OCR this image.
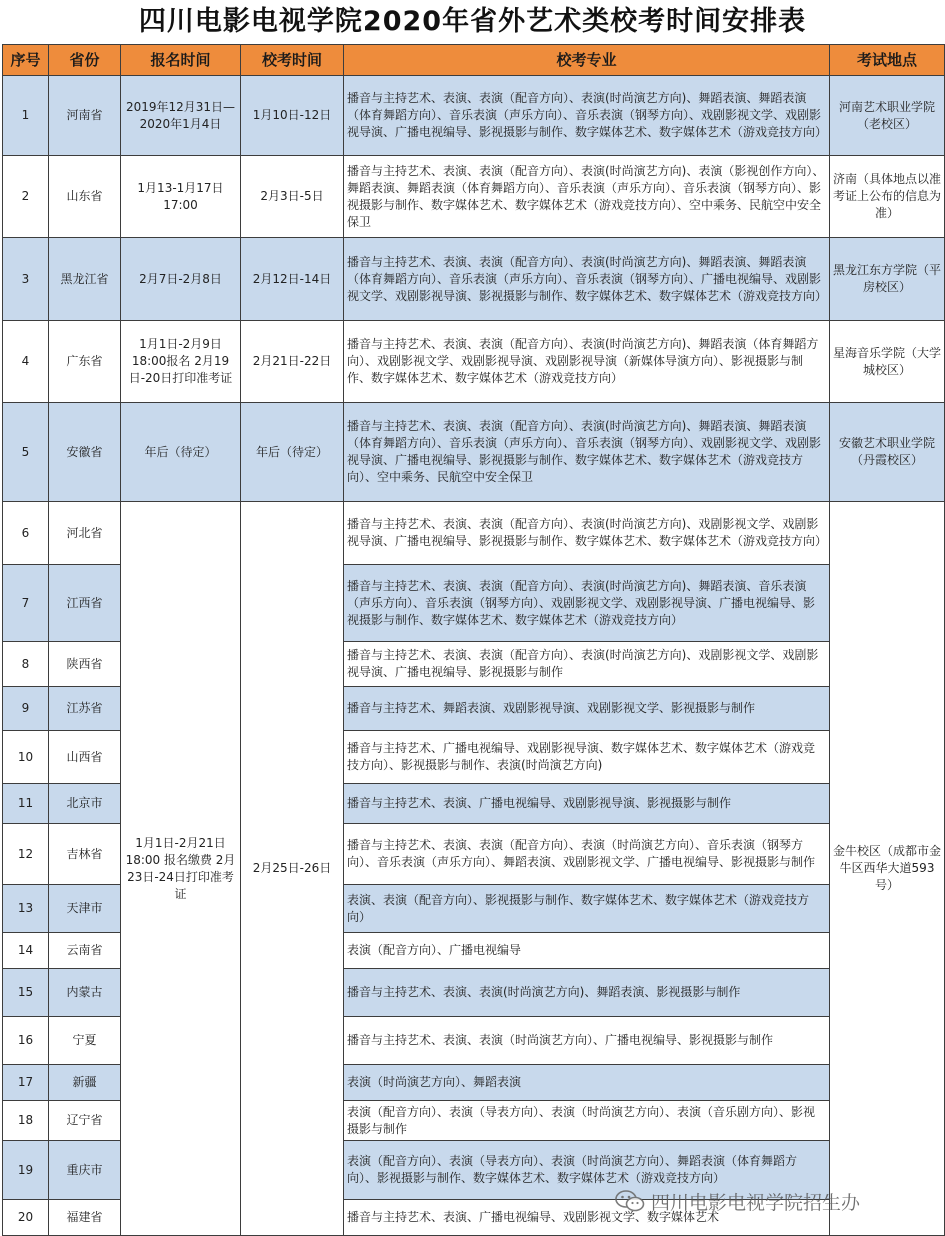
四川电影电视学院2020年省外艺术类校考时间安排表
序号	省份	报名时间	校考时间	校考专业	考试地点
1	河南省	2019年12月31日—2020年1月4日	1月10日-12日	播音与主持艺术、表演、表演（配音方向）、表演(时尚演艺方向)、舞蹈表演、舞蹈表演（体育舞蹈方向）、音乐表演（声乐方向）、音乐表演（钢琴方向）、戏剧影视文学、戏剧影视导演、广播电视编导、影视摄影与制作、数字媒体艺术、数字媒体艺术（游戏竞技方向）	河南艺术职业学院（老校区）
2	山东省	1月13-1月17日 17:00	2月3日-5日	播音与主持艺术、表演、表演（配音方向）、表演(时尚演艺方向)、表演（影视创作方向）、舞蹈表演、舞蹈表演（体育舞蹈方向）、音乐表演（声乐方向）、音乐表演（钢琴方向）、影视摄影与制作、数字媒体艺术、数字媒体艺术（游戏竞技方向）、空中乘务、民航空中安全保卫	济南（具体地点以准考证上公布的信息为准）
3	黑龙江省	2月7日-2月8日	2月12日-14日	播音与主持艺术、表演、表演（配音方向）、表演(时尚演艺方向)、舞蹈表演、舞蹈表演（体育舞蹈方向）、音乐表演（声乐方向）、音乐表演（钢琴方向）、广播电视编导、戏剧影视文学、戏剧影视导演、影视摄影与制作、数字媒体艺术、数字媒体艺术（游戏竞技方向）	黑龙江东方学院（平房校区）
4	广东省	1月1日-2月9日 18:00报名 2月19日-20日打印准考证	2月21日-22日	播音与主持艺术、表演、表演（配音方向）、表演(时尚演艺方向)、舞蹈表演（体育舞蹈方向）、戏剧影视文学、戏剧影视导演、戏剧影视导演（新媒体导演方向）、影视摄影与制作、数字媒体艺术、数字媒体艺术（游戏竞技方向）	星海音乐学院（大学城校区）
5	安徽省	年后（待定）	年后（待定）	播音与主持艺术、表演、表演（配音方向）、表演(时尚演艺方向)、舞蹈表演、舞蹈表演（体育舞蹈方向）、音乐表演（声乐方向）、音乐表演（钢琴方向）、戏剧影视文学、戏剧影视导演、广播电视编导、影视摄影与制作、数字媒体艺术、数字媒体艺术（游戏竞技方向）、空中乘务、民航空中安全保卫	安徽艺术职业学院（丹霞校区）
6	河北省	1月1日-2月21日 18:00 报名缴费 2月23日-24日打印准考证	2月25日-26日	播音与主持艺术、表演、表演（配音方向）、表演(时尚演艺方向)、戏剧影视文学、戏剧影视导演、广播电视编导、影视摄影与制作、数字媒体艺术、数字媒体艺术（游戏竞技方向）	金牛校区（成都市金牛区西华大道593号）
7	江西省			播音与主持艺术、表演、表演（配音方向）、表演(时尚演艺方向)、舞蹈表演、音乐表演（声乐方向）、音乐表演（钢琴方向）、戏剧影视文学、戏剧影视导演、广播电视编导、影视摄影与制作、数字媒体艺术、数字媒体艺术（游戏竞技方向）	
8	陕西省			播音与主持艺术、表演、表演（配音方向）、表演(时尚演艺方向)、戏剧影视文学、戏剧影视导演、广播电视编导、影视摄影与制作	
9	江苏省			播音与主持艺术、舞蹈表演、戏剧影视导演、戏剧影视文学、影视摄影与制作	
10	山西省			播音与主持艺术、广播电视编导、戏剧影视导演、数字媒体艺术、数字媒体艺术（游戏竞技方向）、影视摄影与制作、表演(时尚演艺方向)	
11	北京市			播音与主持艺术、表演、广播电视编导、戏剧影视导演、影视摄影与制作	
12	吉林省			播音与主持艺术、表演、表演（配音方向）、表演（时尚演艺方向）、音乐表演（钢琴方向）、音乐表演（声乐方向）、舞蹈表演、戏剧影视文学、广播电视编导、影视摄影与制作	
13	天津市			表演、表演（配音方向）、影视摄影与制作、数字媒体艺术、数字媒体艺术（游戏竞技方向）	
14	云南省			表演（配音方向）、广播电视编导	
15	内蒙古			播音与主持艺术、表演、表演(时尚演艺方向)、舞蹈表演、影视摄影与制作	
16	宁夏			播音与主持艺术、表演、表演（时尚演艺方向）、广播电视编导、影视摄影与制作	
17	新疆			表演（时尚演艺方向）、舞蹈表演	
18	辽宁省			表演（配音方向）、表演（导表方向）、表演（时尚演艺方向）、表演（音乐剧方向）、影视摄影与制作	
19	重庆市			表演（配音方向）、表演（导表方向）、表演（时尚演艺方向）、舞蹈表演（体育舞蹈方向）、影视摄影与制作、数字媒体艺术、数字媒体艺术（游戏竞技方向）	
20	福建省			播音与主持艺术、表演、广播电视编导、戏剧影视文学、数字媒体艺术	
四川电影电视学院招生办
